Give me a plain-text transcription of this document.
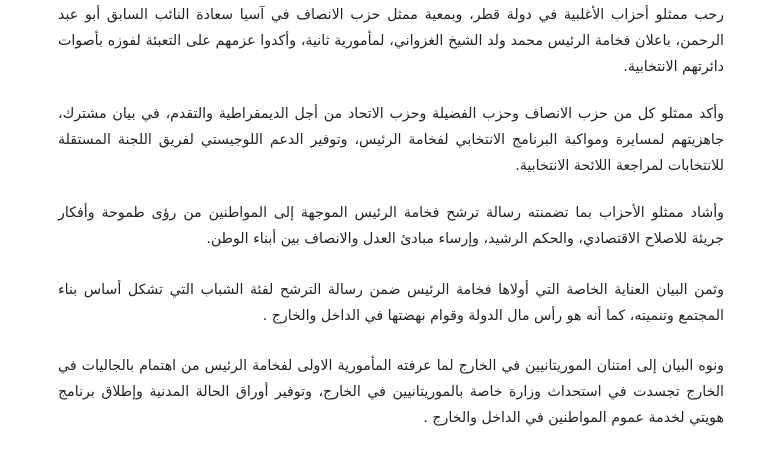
رحب ممثلو أحزاب الأغلبية في دولة قطر، وبمعية ممثل حزب الانصاف في آسيا سعادة النائب السابق أبو عبد الرحمن، باعلان فخامة الرئيس محمد ولد الشيخ الغزواني، لمأمورية ثانية، وأكدوا عزمهم على التعبئة لفوزه بأصوات دائرتهم الانتخابية.

وأكد ممثلو كل من حزب الانصاف وحزب الفضيلة وحزب الاتحاد من أجل الديمقراطية والتقدم، في بيان مشترك، جاهزيتهم لمسايرة ومواكبة البرنامج الانتخابي لفخامة الرئيس، وتوفير الدعم اللوجيستي لفريق اللجنة المستقلة للانتخابات لمراجعة اللائحة الانتخابية.

وأشاد ممثلو الأحزاب بما تضمنته رسالة ترشح فخامة الرئيس الموجهة إلى المواطنين من رؤى طموحة وأفكار جريئة للاصلاح الاقتصادي، والحكم الرشيد، وإرساء مبادئ العدل والانصاف بين أبناء الوطن.

وثمن البيان العناية الخاصة التي أولاها فخامة الرئيس ضمن رسالة الترشح لفئة الشباب التي تشكل أساس بناء المجتمع وتنميته، كما أنه هو رأس مال الدولة وقوام نهضتها في الداخل والخارج .

ونوه البيان إلى امتنان الموريتانيين في الخارج لما عرفته المأمورية الاولى لفخامة الرئيس من اهتمام بالجاليات في الخارج تجسدت في استحداث وزارة خاصة بالموريتانيين في الخارج، وتوفير أوراق الحالة المدنية وإطلاق برنامج هويتي لخدمة عموم المواطنين في الداخل والخارج .
